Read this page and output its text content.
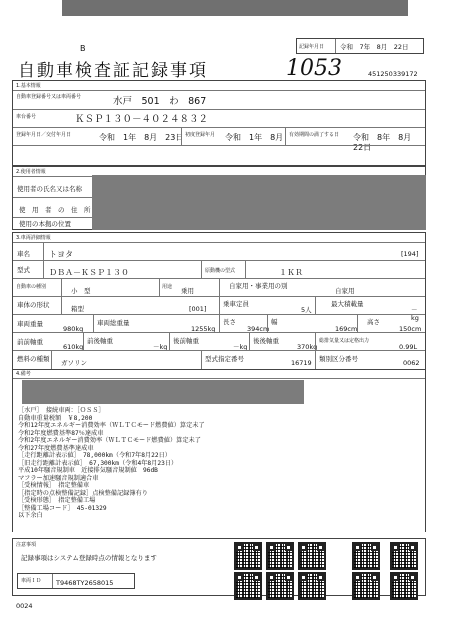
B
自動車検査証記録事項	1053
記録年月日 令和　7年　8月　22日
451250339172
1.基本情報
自動車登録番号又は車両番号	水戸　501　わ　867
車台番号	ＫＳＰ１３０－４０２４８３２
登録年月日／交付年月日	令和　1年　8月　23日 初度登録年月 令和　1年　8月 有効期間の満了する日 令和　8年　8月　22日
2.使用者情報
使用者の氏名又は名称
使　用　者　の　住　所
使用の本拠の位置
3.車両詳細情報
車名 トヨタ	[194]
型式 ＤＢＡ－ＫＳＰ１３０	原動機の型式	１ＫＲ
自動車の種別	小　型	用途 乗用
自家用・事業用の別
自家用
車体の形状	箱型	[001]
乗車定員
5人
最大積載量
－kg
車両重量
980kg
車両総重量
1255kg
長さ
394cm
幅
169cm
高さ
150cm
前前軸重
610kg
前後軸重
－kg
後前軸重
－kg
後後軸重
370kg
総排気量又は定格出力
0.99L
燃料の種類 ガソリン	型式指定番号	16719 類別区分番号	0062
4.備考
［水戸］　接続車両：［ＯＳＳ］
自動車重量税額　￥8,200
令和12年度エネルギー消費効率（ＷＬＴＣモード燃費値）算定未了
令和2年度燃費基準87％達成車
令和2年度エネルギー消費効率（ＷＬＴＣモード燃費値）算定未了
令和27年度燃費基準達成車
［走行距離計表示値］　78,000km（令和7年8月22日）
［旧走行距離計表示値］　67,300km（令和4年8月23日）
平成10年騒音規制車　近接排気騒音規制値　96dB
マフラー加速騒音規制適合車
［受検情報］　指定整備車
［指定時の点検整備記録］点検整備記録簿有り
［受検形態］　指定整備工場
［整備工場コード］　45-01329
以下余白
注意事項
記録事項はシステム登録時点の情報となります
車両ＩＤ T9468TY2658015
0024
